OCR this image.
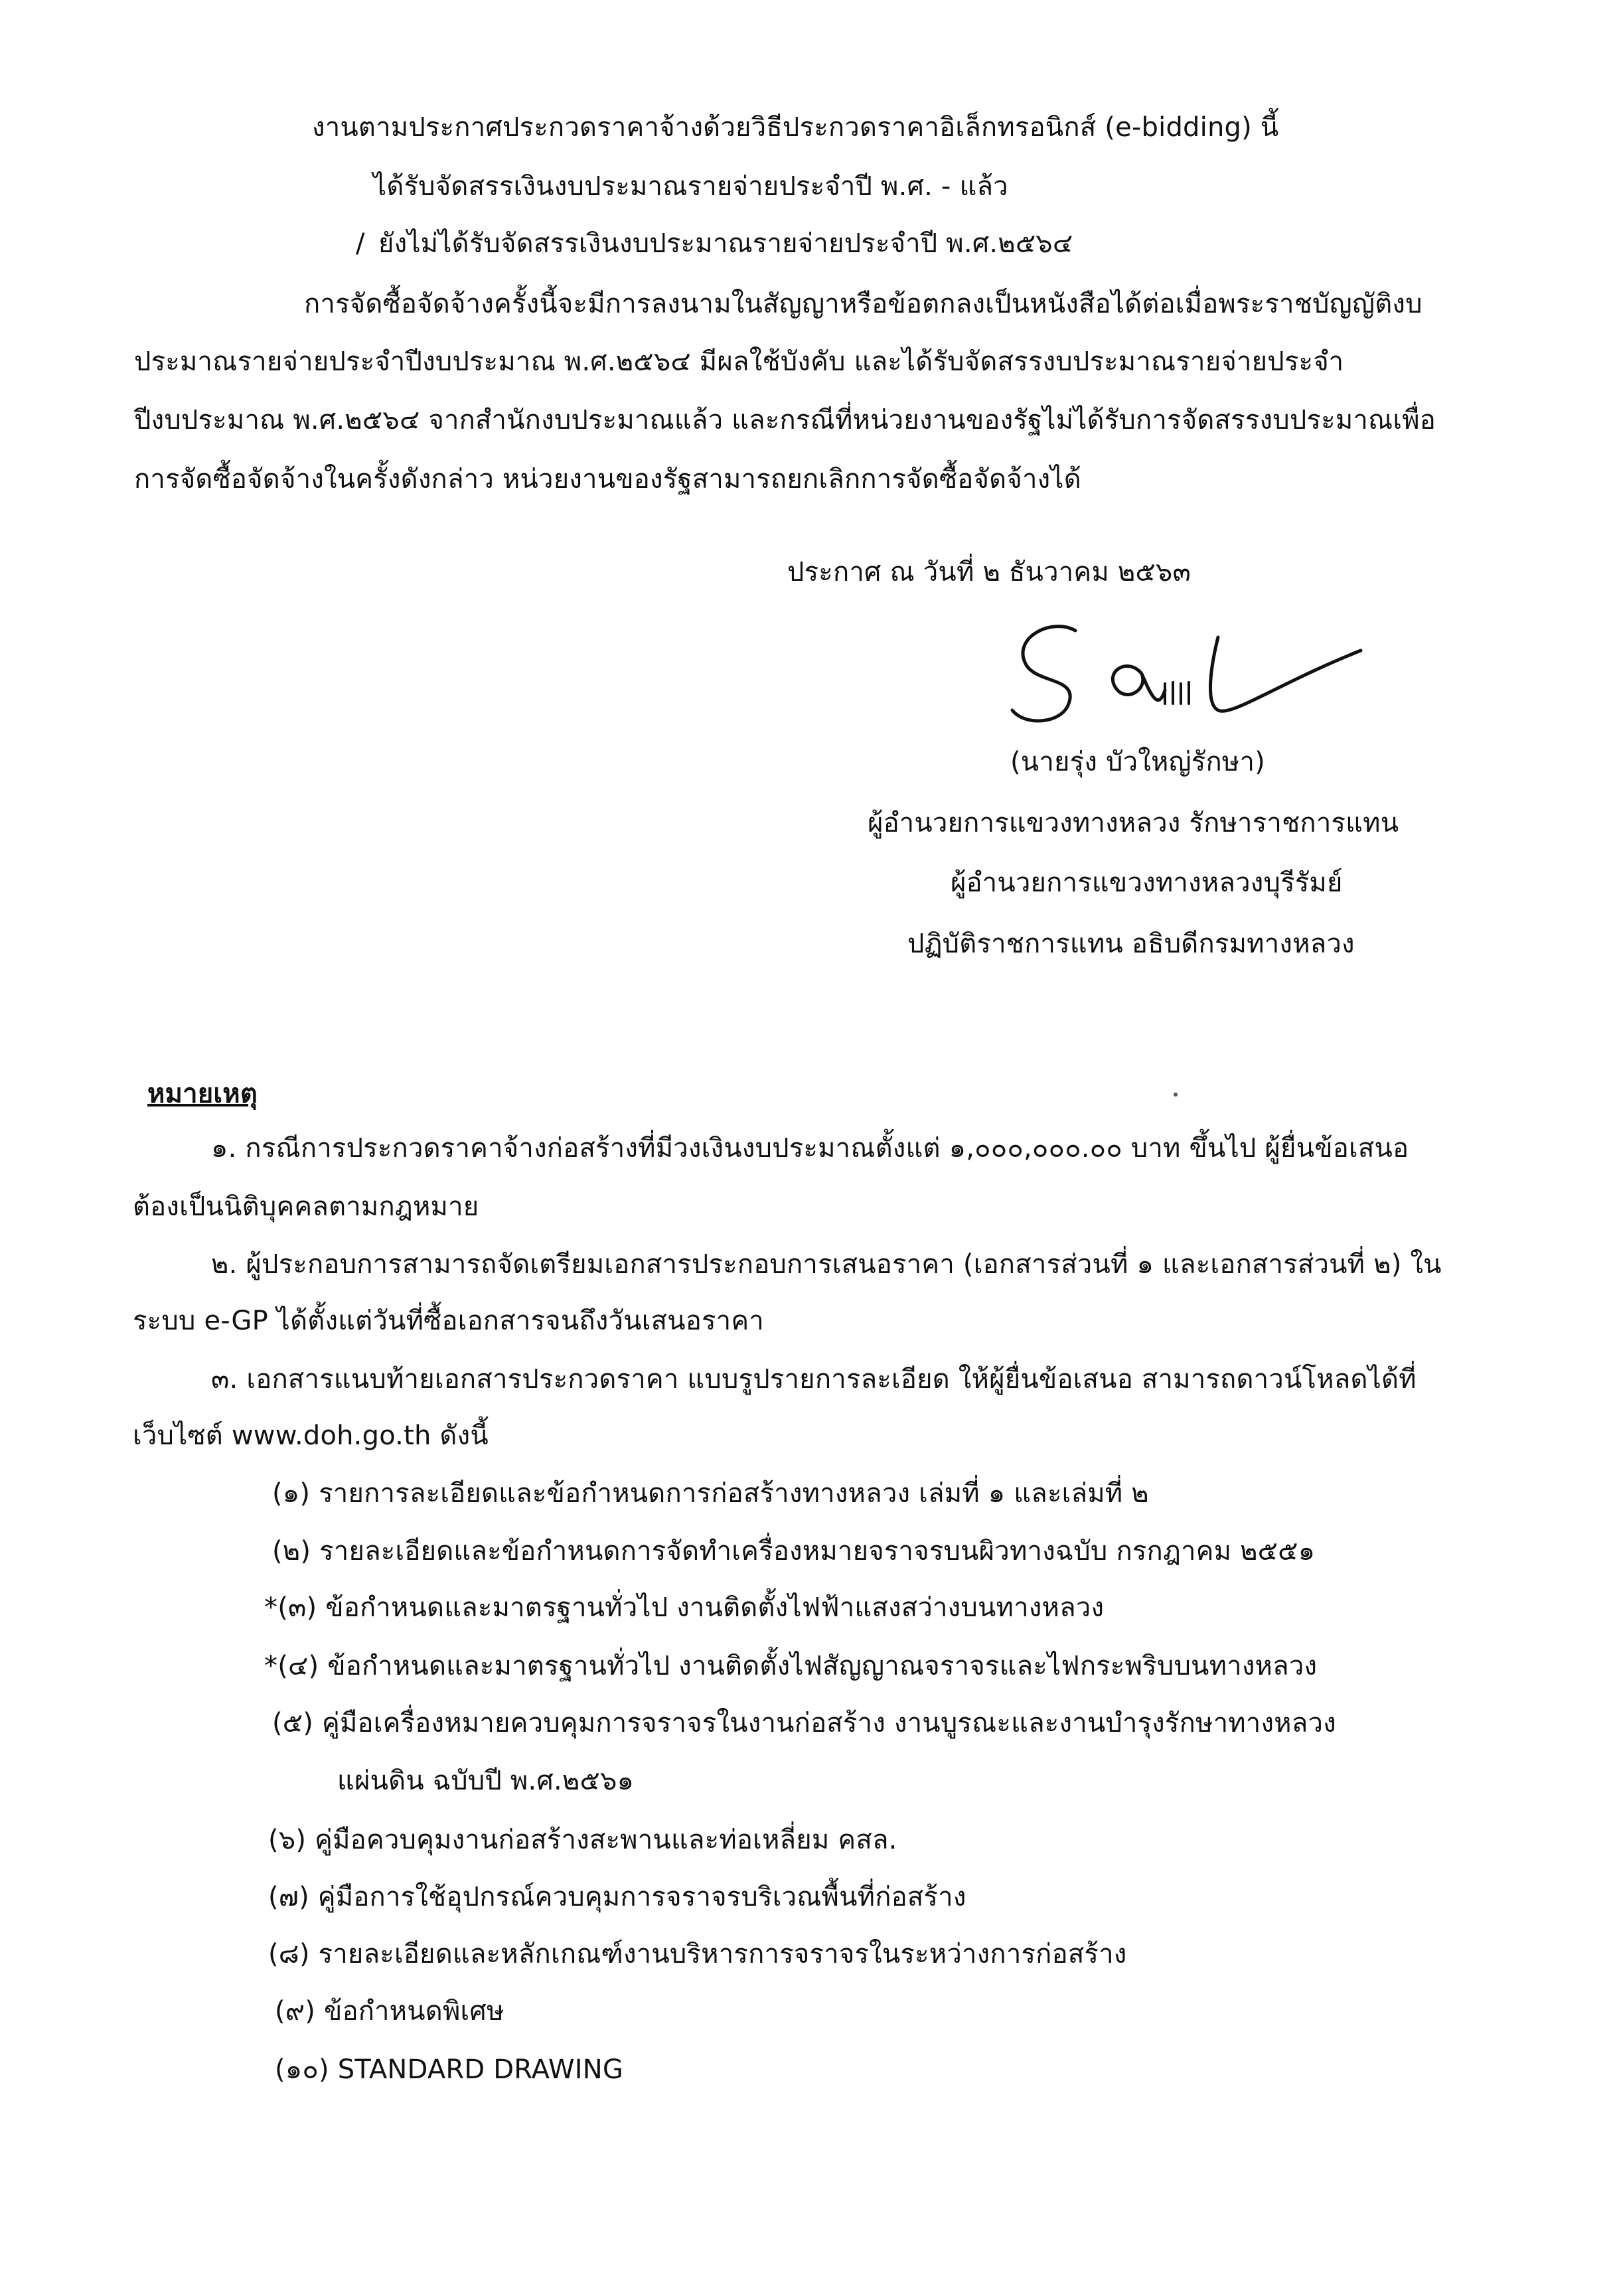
งานตามประกาศประกวดราคาจ้างด้วยวิธีประกวดราคาอิเล็กทรอนิกส์ (e-bidding) นี้
ได้รับจัดสรรเงินงบประมาณรายจ่ายประจำปี พ.ศ. - แล้ว
/ ยังไม่ได้รับจัดสรรเงินงบประมาณรายจ่ายประจำปี พ.ศ.๒๕๖๔
การจัดซื้อจัดจ้างครั้งนี้จะมีการลงนามในสัญญาหรือข้อตกลงเป็นหนังสือได้ต่อเมื่อพระราชบัญญัติงบ
ประมาณรายจ่ายประจำปีงบประมาณ พ.ศ.๒๕๖๔ มีผลใช้บังคับ และได้รับจัดสรรงบประมาณรายจ่ายประจำ
ปีงบประมาณ พ.ศ.๒๕๖๔ จากสำนักงบประมาณแล้ว และกรณีที่หน่วยงานของรัฐไม่ได้รับการจัดสรรงบประมาณเพื่อ
การจัดซื้อจัดจ้างในครั้งดังกล่าว หน่วยงานของรัฐสามารถยกเลิกการจัดซื้อจัดจ้างได้
ประกาศ ณ วันที่ ๒ ธันวาคม ๒๕๖๓
(นายรุ่ง บัวใหญ่รักษา)
ผู้อำนวยการแขวงทางหลวง รักษาราชการแทน
ผู้อำนวยการแขวงทางหลวงบุรีรัมย์
ปฏิบัติราชการแทน อธิบดีกรมทางหลวง
หมายเหตุ
๑. กรณีการประกวดราคาจ้างก่อสร้างที่มีวงเงินงบประมาณตั้งแต่ ๑,๐๐๐,๐๐๐.๐๐ บาท ขึ้นไป ผู้ยื่นข้อเสนอ
ต้องเป็นนิติบุคคลตามกฎหมาย
๒. ผู้ประกอบการสามารถจัดเตรียมเอกสารประกอบการเสนอราคา (เอกสารส่วนที่ ๑ และเอกสารส่วนที่ ๒) ใน
ระบบ e-GP ได้ตั้งแต่วันที่ซื้อเอกสารจนถึงวันเสนอราคา
๓. เอกสารแนบท้ายเอกสารประกวดราคา แบบรูปรายการละเอียด ให้ผู้ยื่นข้อเสนอ สามารถดาวน์โหลดได้ที่
เว็บไซต์ www.doh.go.th ดังนี้
(๑) รายการละเอียดและข้อกำหนดการก่อสร้างทางหลวง เล่มที่ ๑ และเล่มที่ ๒
(๒) รายละเอียดและข้อกำหนดการจัดทำเครื่องหมายจราจรบนผิวทางฉบับ กรกฎาคม ๒๕๕๑
*(๓) ข้อกำหนดและมาตรฐานทั่วไป งานติดตั้งไฟฟ้าแสงสว่างบนทางหลวง
*(๔) ข้อกำหนดและมาตรฐานทั่วไป งานติดตั้งไฟสัญญาณจราจรและไฟกระพริบบนทางหลวง
(๕) คู่มือเครื่องหมายควบคุมการจราจรในงานก่อสร้าง งานบูรณะและงานบำรุงรักษาทางหลวง
แผ่นดิน ฉบับปี พ.ศ.๒๕๖๑
(๖) คู่มือควบคุมงานก่อสร้างสะพานและท่อเหลี่ยม คสล.
(๗) คู่มือการใช้อุปกรณ์ควบคุมการจราจรบริเวณพื้นที่ก่อสร้าง
(๘) รายละเอียดและหลักเกณฑ์งานบริหารการจราจรในระหว่างการก่อสร้าง
(๙) ข้อกำหนดพิเศษ
(๑๐) STANDARD DRAWING
